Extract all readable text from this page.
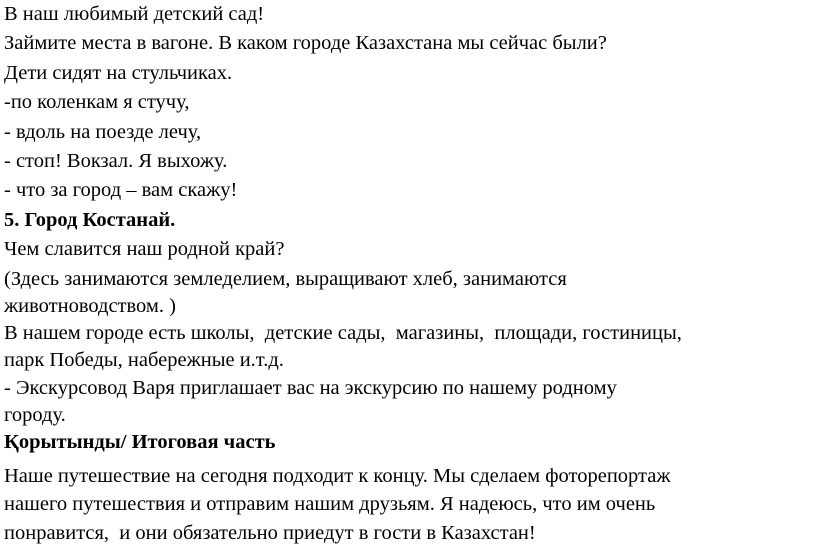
В наш любимый детский сад!
Займите места в вагоне. В каком городе Казахстана мы сейчас были?
Дети сидят на стульчиках.
-по коленкам я стучу,
- вдоль на поезде лечу,
- стоп! Вокзал. Я выхожу.
- что за город – вам скажу!
5. Город Костанай.
Чем славится наш родной край?
(Здесь занимаются земледелием, выращивают хлеб, занимаются
животноводством. )
В нашем городе есть школы,  детские сады,  магазины,  площади, гостиницы,
парк Победы, набережные и.т.д.
- Экскурсовод Варя приглашает вас на экскурсию по нашему родному
городу.
Қорытынды/ Итоговая часть
Наше путешествие на сегодня подходит к концу. Мы сделаем фоторепортаж
нашего путешествия и отправим нашим друзьям. Я надеюсь, что им очень
понравится,  и они обязательно приедут в гости в Казахстан!
